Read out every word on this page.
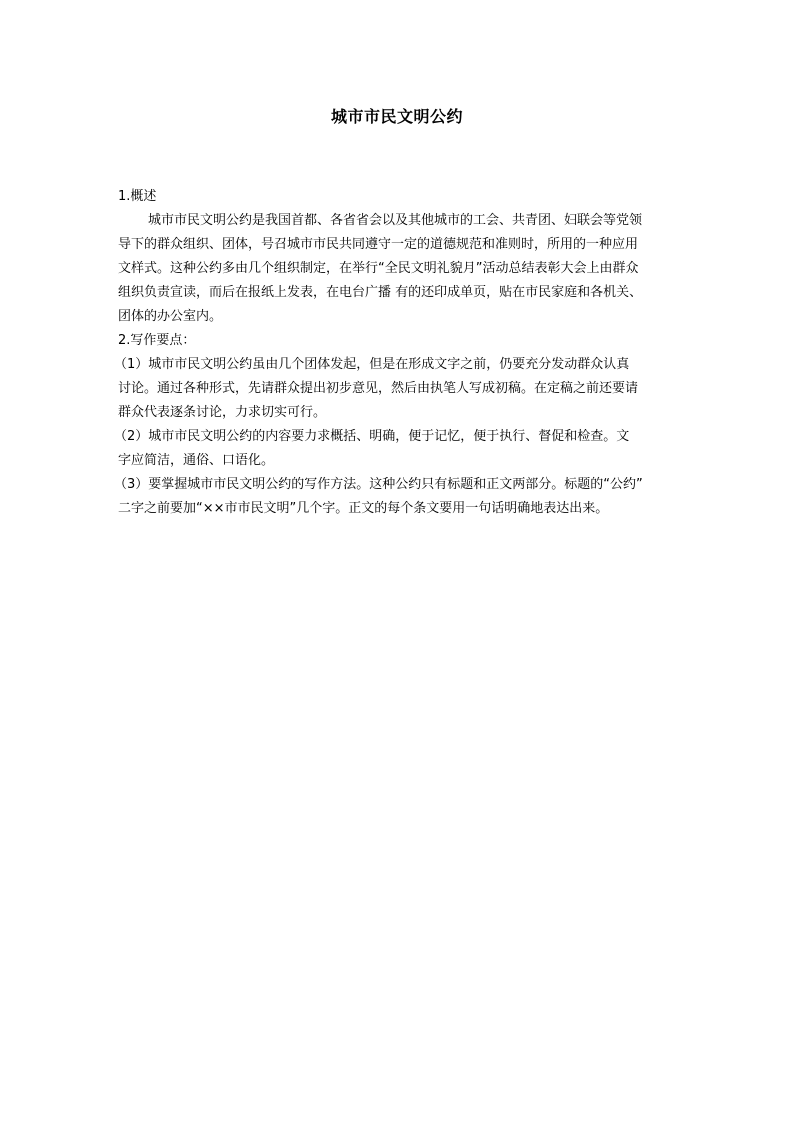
城市市民文明公约
1.概述
城市市民文明公约是我国首都、各省省会以及其他城市的工会、共青团、妇联会等党领
导下的群众组织、团体，号召城市市民共同遵守一定的道德规范和准则时，所用的一种应用
文样式。这种公约多由几个组织制定，在举行“全民文明礼貌月”活动总结表彰大会上由群众
组织负责宣读，而后在报纸上发表，在电台广播 有的还印成单页，贴在市民家庭和各机关、
团体的办公室内。
2.写作要点：
（1）城市市民文明公约虽由几个团体发起，但是在形成文字之前，仍要充分发动群众认真
讨论。通过各种形式，先请群众提出初步意见，然后由执笔人写成初稿。在定稿之前还要请
群众代表逐条讨论，力求切实可行。
（2）城市市民文明公约的内容要力求概括、明确，便于记忆，便于执行、督促和检查。文
字应简洁，通俗、口语化。
（3）要掌握城市市民文明公约的写作方法。这种公约只有标题和正文两部分。标题的“公约”
二字之前要加“××市市民文明”几个字。正文的每个条文要用一句话明确地表达出来。
